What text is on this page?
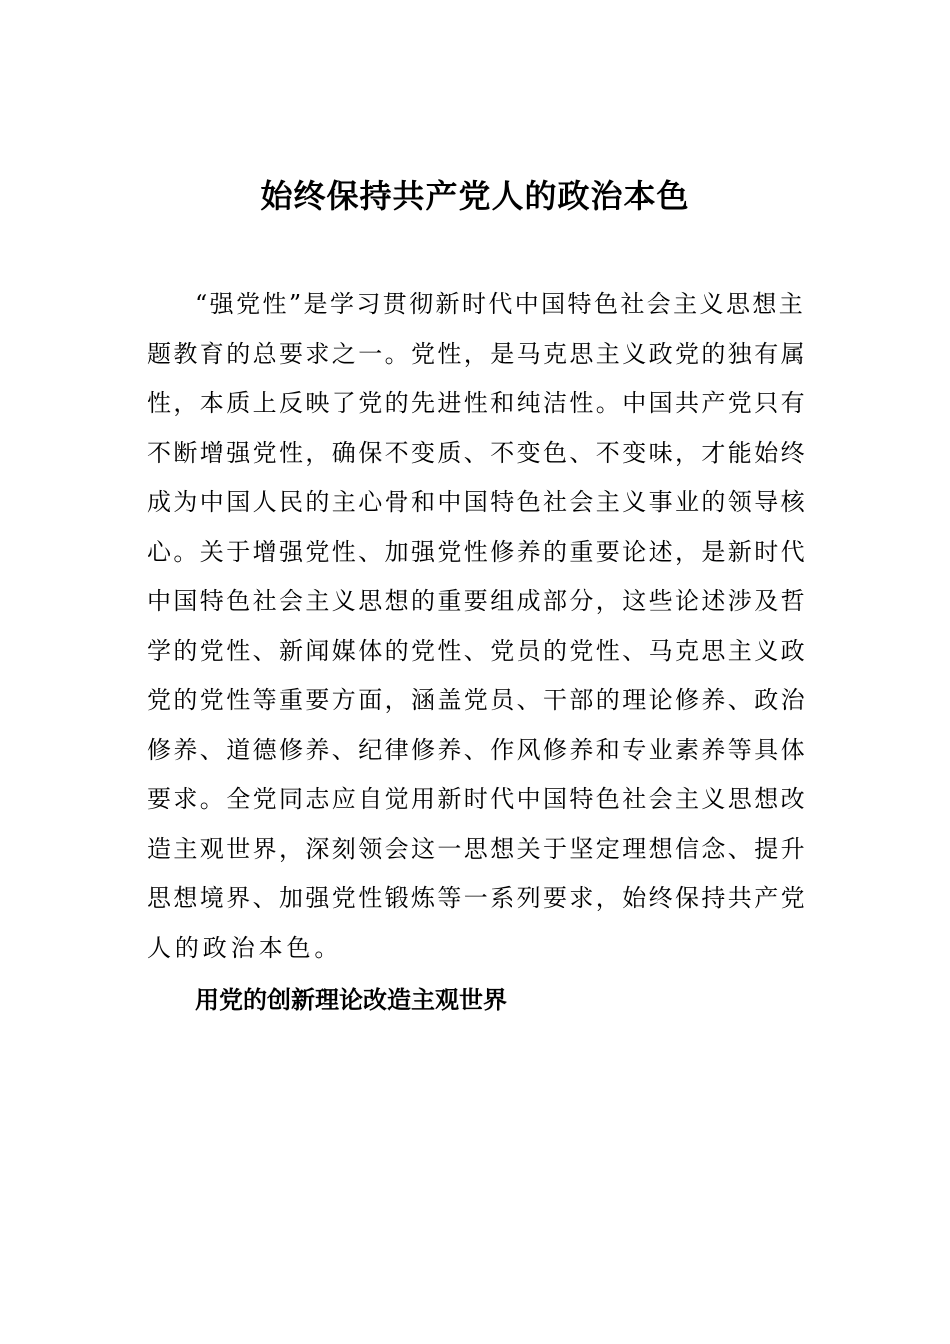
始终保持共产党人的政治本色
“强党性”是学习贯彻新时代中国特色社会主义思想主
题教育的总要求之一。党性，是马克思主义政党的独有属
性，本质上反映了党的先进性和纯洁性。中国共产党只有
不断增强党性，确保不变质、不变色、不变味，才能始终
成为中国人民的主心骨和中国特色社会主义事业的领导核
心。关于增强党性、加强党性修养的重要论述，是新时代
中国特色社会主义思想的重要组成部分，这些论述涉及哲
学的党性、新闻媒体的党性、党员的党性、马克思主义政
党的党性等重要方面，涵盖党员、干部的理论修养、政治
修养、道德修养、纪律修养、作风修养和专业素养等具体
要求。全党同志应自觉用新时代中国特色社会主义思想改
造主观世界，深刻领会这一思想关于坚定理想信念、提升
思想境界、加强党性锻炼等一系列要求，始终保持共产党
人的政治本色。
用党的创新理论改造主观世界
